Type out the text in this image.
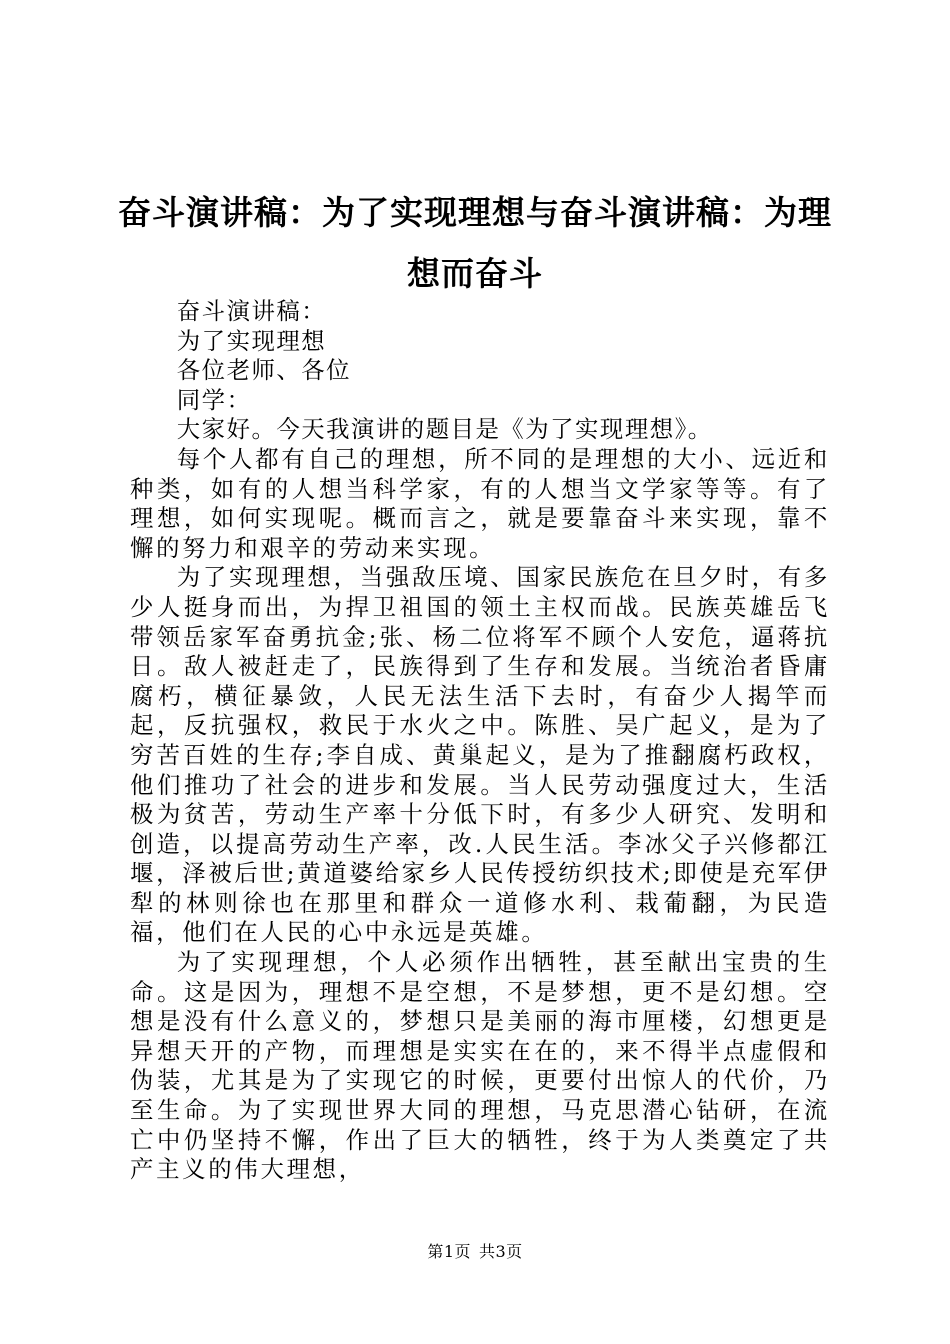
奋斗演讲稿：为了实现理想与奋斗演讲稿：为理想而奋斗

奋斗演讲稿：

为了实现理想

各位老师、各位

同学：

大家好。今天我演讲的题目是《为了实现理想》。

每个人都有自己的理想，所不同的是理想的大小、远近和种类，如有的人想当科学家，有的人想当文学家等等。有了理想，如何实现呢。概而言之，就是要靠奋斗来实现，靠不懈的努力和艰辛的劳动来实现。

为了实现理想，当强敌压境、国家民族危在旦夕时，有多少人挺身而出，为捍卫祖国的领土主权而战。民族英雄岳飞带领岳家军奋勇抗金;张、杨二位将军不顾个人安危，逼蒋抗日。敌人被赶走了，民族得到了生存和发展。当统治者昏庸腐朽，横征暴敛，人民无法生活下去时，有奋少人揭竿而起，反抗强权，救民于水火之中。陈胜、吴广起义，是为了穷苦百姓的生存;李自成、黄巢起义，是为了推翻腐朽政权，他们推功了社会的进步和发展。当人民劳动强度过大，生活极为贫苦，劳动生产率十分低下时，有多少人研究、发明和创造，以提高劳动生产率，改.人民生活。李冰父子兴修都江堰，泽被后世;黄道婆给家乡人民传授纺织技术;即使是充军伊犁的林则徐也在那里和群众一道修水利、栽葡翻，为民造福，他们在人民的心中永远是英雄。

为了实现理想，个人必须作出牺牲，甚至献出宝贵的生命。这是因为，理想不是空想，不是梦想，更不是幻想。空想是没有什么意义的，梦想只是美丽的海市厘楼，幻想更是异想天开的产物，而理想是实实在在的，来不得半点虚假和伪装，尤其是为了实现它的时候，更要付出惊人的代价，乃至生命。为了实现世界大同的理想，马克思潜心钻研，在流亡中仍坚持不懈，作出了巨大的牺牲，终于为人类奠定了共产主义的伟大理想，

第1页 共3页
